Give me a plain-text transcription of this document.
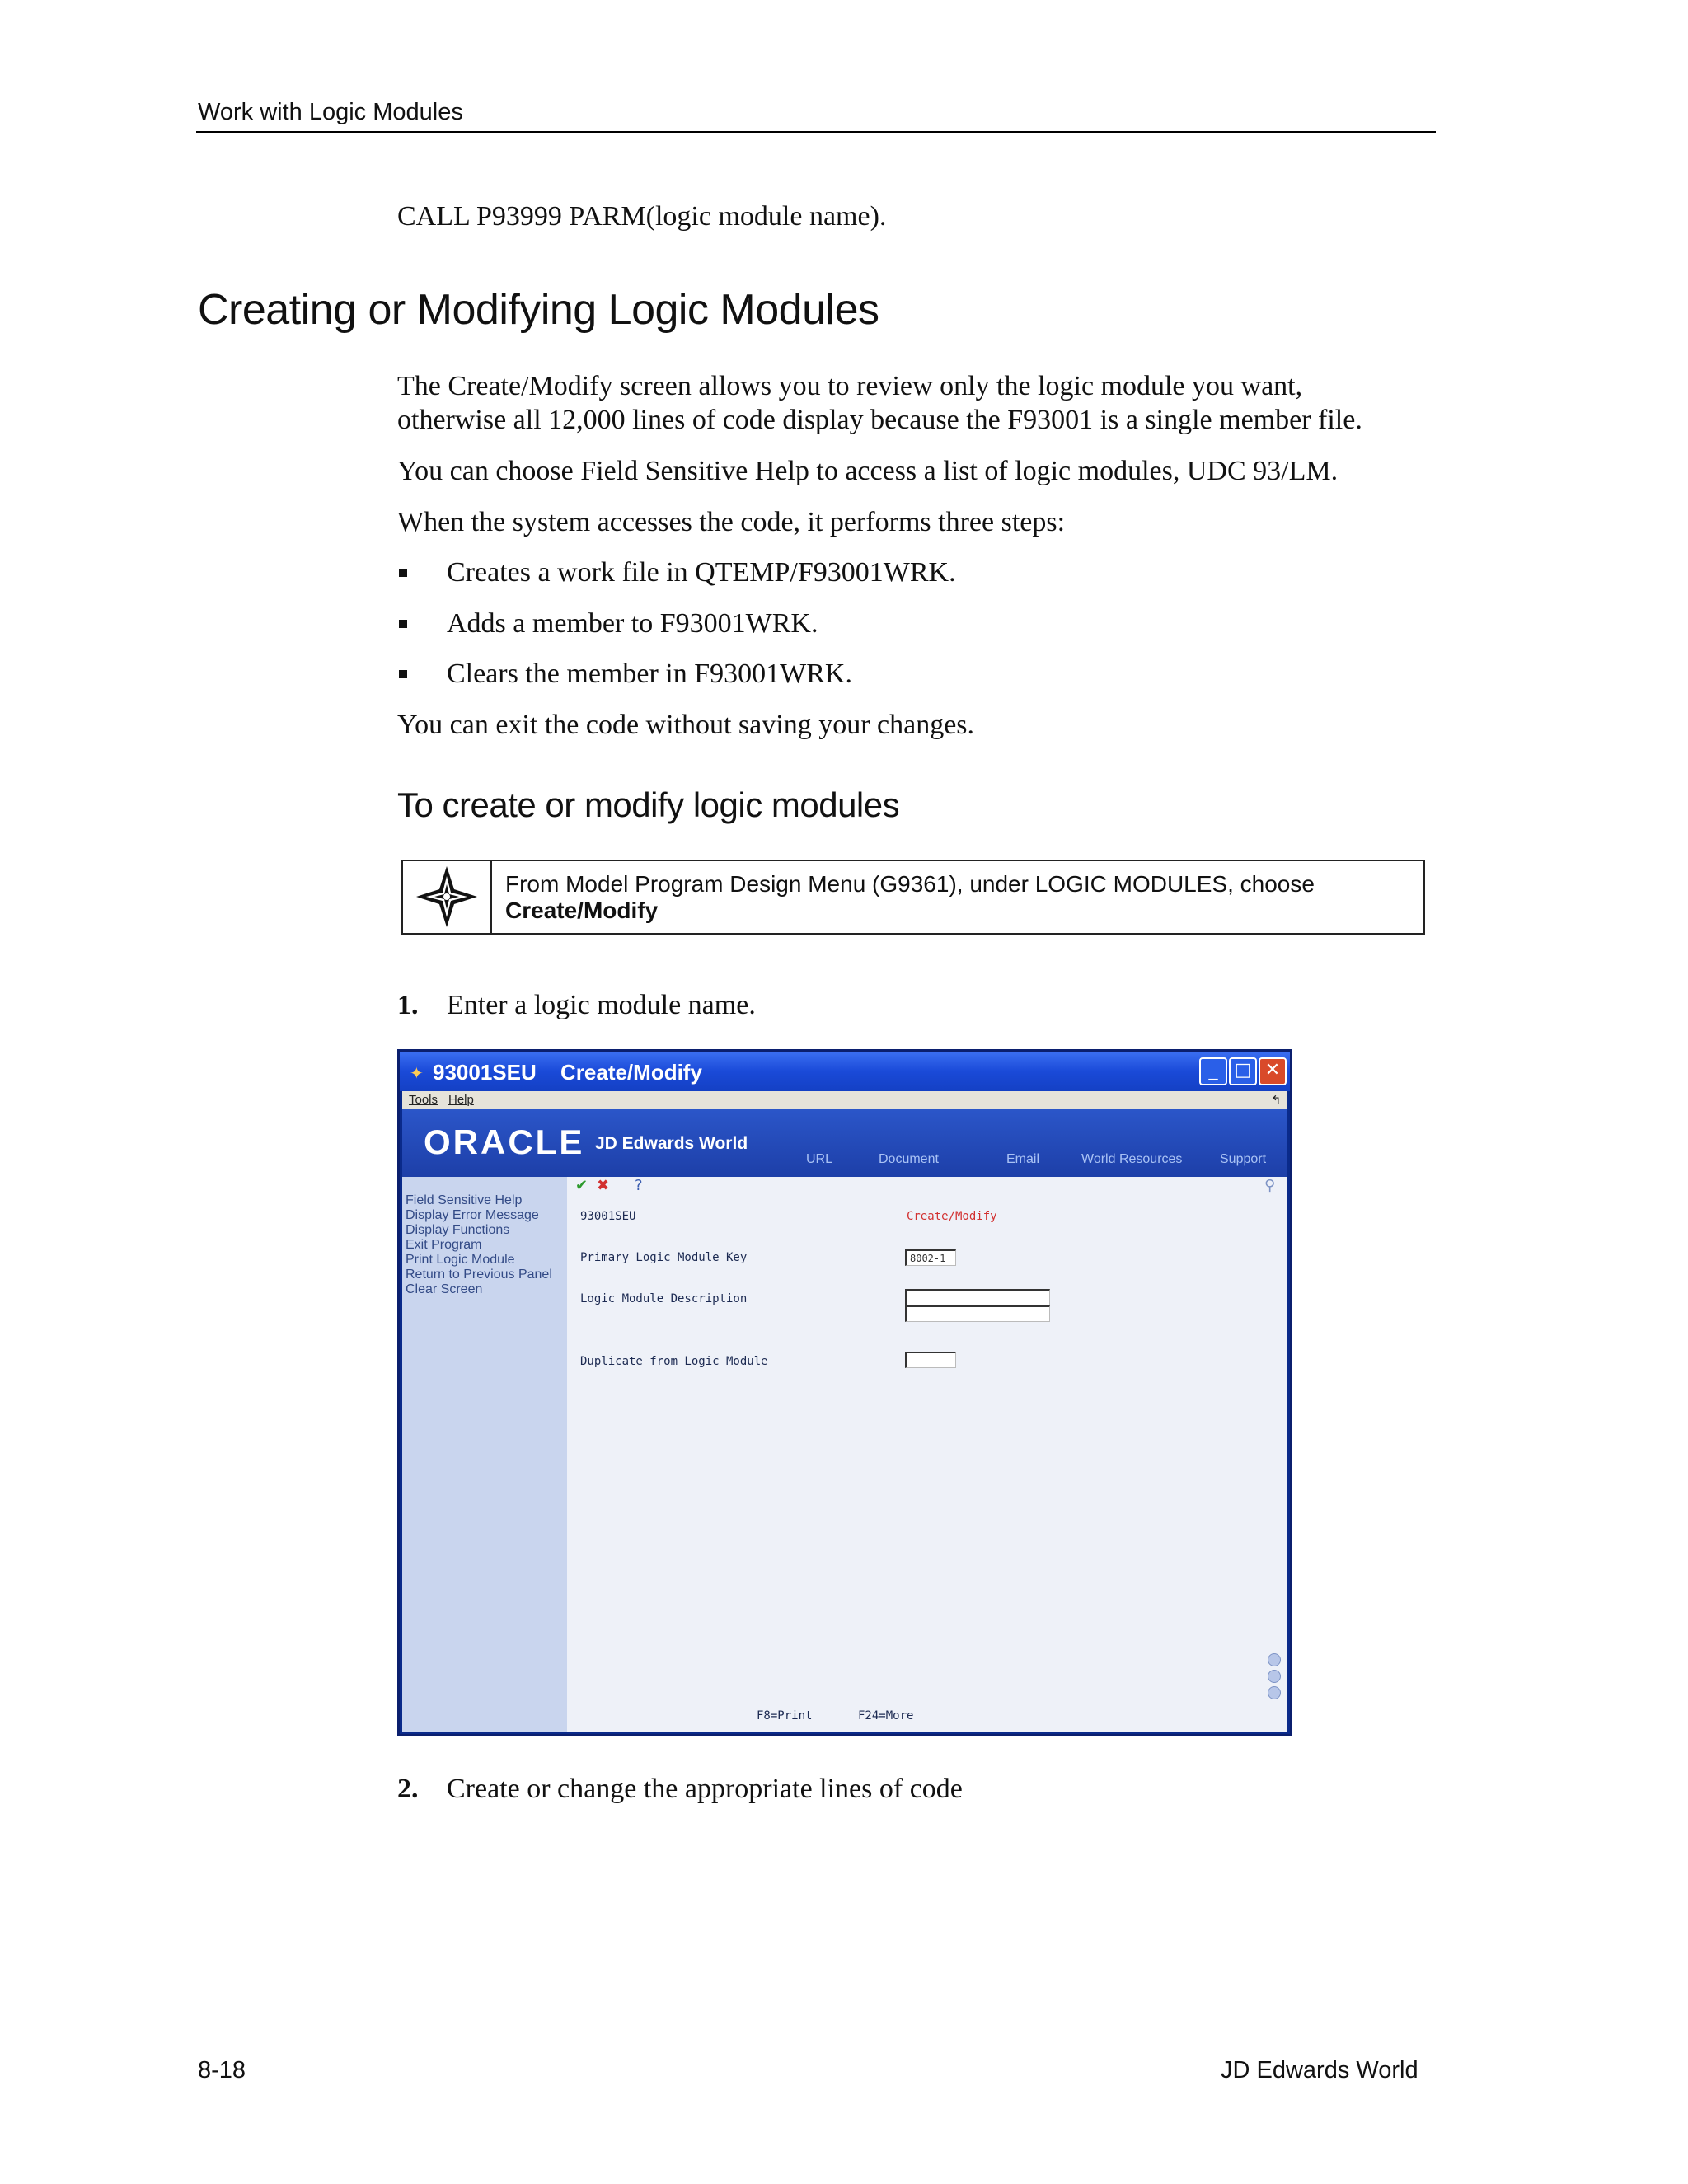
Work with Logic Modules
CALL P93999 PARM(logic module name).
Creating or Modifying Logic Modules
The Create/Modify screen allows you to review only the logic module you want,
otherwise all 12,000 lines of code display because the F93001 is a single member file.
You can choose Field Sensitive Help to access a list of logic modules, UDC 93/LM.
When the system accesses the code, it performs three steps:
Creates a work file in QTEMP/F93001WRK.
Adds a member to F93001WRK.
Clears the member in F93001WRK.
You can exit the code without saving your changes.
To create or modify logic modules
From Model Program Design Menu (G9361), under LOGIC MODULES, choose Create/Modify
1. Enter a logic module name.
✦ 93001SEU Create/Modify	_ □ ✕
Tools Help	↰
ORACLE JD Edwards World
URL	Document	Email	World Resources	Support
Field Sensitive Help
Display Error Message
Display Functions
Exit Program
Print Logic Module
Return to Previous Panel
Clear Screen
✔ ✖ ?	⚲
93001SEU	Create/Modify
Primary Logic Module Key
8002-1
Logic Module Description
Duplicate from Logic Module
F8=Print	F24=More
2. Create or change the appropriate lines of code
8-18	JD Edwards World
